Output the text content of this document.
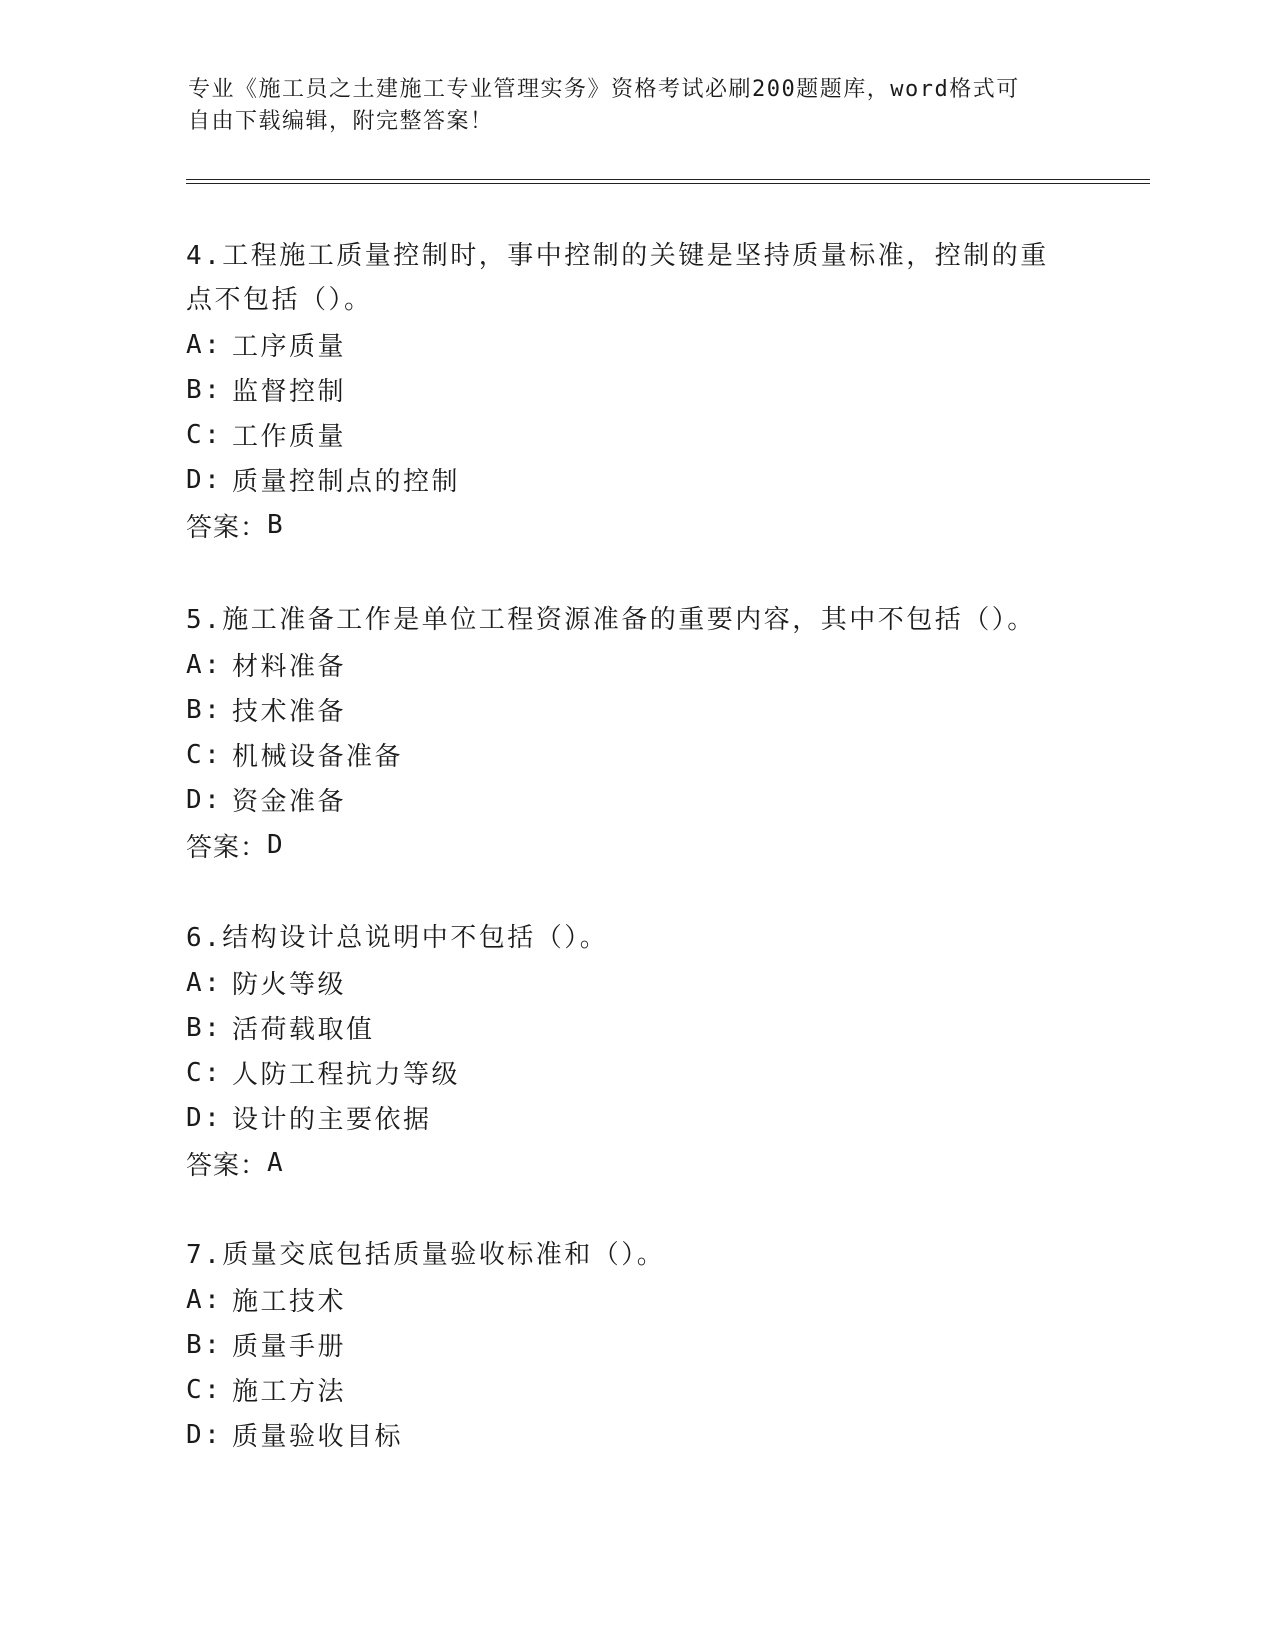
专业《施工员之土建施工专业管理实务》资格考试必刷200题题库，word格式可
自由下载编辑，附完整答案！
4.工程施工质量控制时，事中控制的关键是坚持质量标准，控制的重
点不包括（）。
A: 工序质量
B: 监督控制
C: 工作质量
D: 质量控制点的控制
答案： B
5.施工准备工作是单位工程资源准备的重要内容，其中不包括（）。
A: 材料准备
B: 技术准备
C: 机械设备准备
D: 资金准备
答案： D
6.结构设计总说明中不包括（）。
A: 防火等级
B: 活荷载取值
C: 人防工程抗力等级
D: 设计的主要依据
答案： A
7.质量交底包括质量验收标准和（）。
A: 施工技术
B: 质量手册
C: 施工方法
D: 质量验收目标
